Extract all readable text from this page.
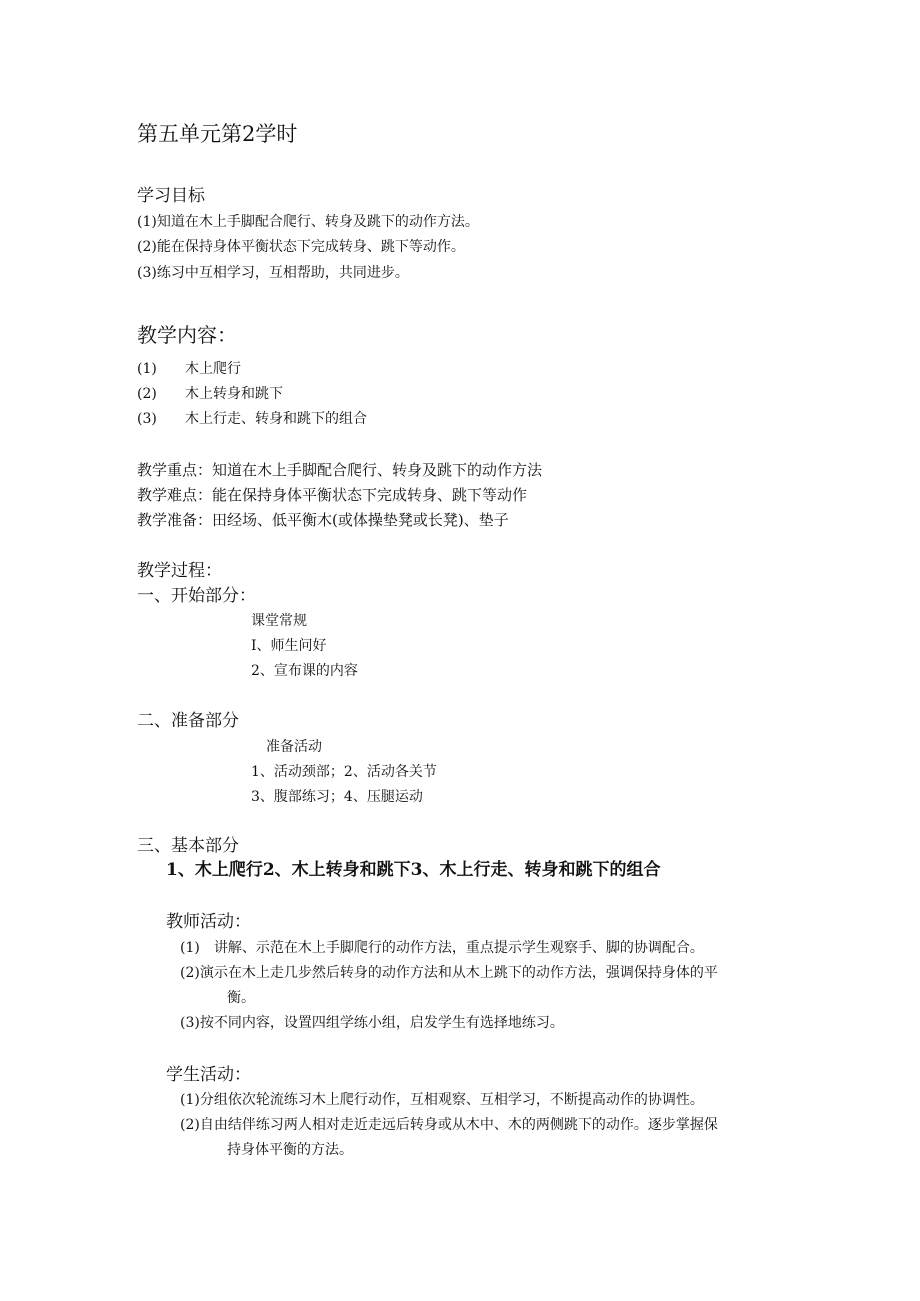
第五单元第2学时
学习目标
(1)知道在木上手脚配合爬行、转身及跳下的动作方法。
(2)能在保持身体平衡状态下完成转身、跳下等动作。
(3)练习中互相学习，互相帮助，共同进步。
教学内容：
(1) 木上爬行
(2) 木上转身和跳下
(3) 木上行走、转身和跳下的组合
教学重点：知道在木上手脚配合爬行、转身及跳下的动作方法
教学难点：能在保持身体平衡状态下完成转身、跳下等动作
教学准备：田经场、低平衡木(或体操垫凳或长凳)、垫子
教学过程：
一、开始部分：
课堂常规
I、师生问好
2、宣布课的内容
二、准备部分
准备活动
1、活动颈部；2、活动各关节
3、腹部练习；4、压腿运动
三、基本部分
1、木上爬行2、木上转身和跳下3、木上行走、转身和跳下的组合
教师活动：
(1)　讲解、示范在木上手脚爬行的动作方法，重点提示学生观察手、脚的协调配合。
(2)演示在木上走几步然后转身的动作方法和从木上跳下的动作方法，强调保持身体的平
衡。
(3)按不同内容，设置四组学练小组，启发学生有选择地练习。
学生活动：
(1)分组依次轮流练习木上爬行动作，互相观察、互相学习，不断提高动作的协调性。
(2)自由结伴练习两人相对走近走远后转身或从木中、木的两侧跳下的动作。逐步掌握保
持身体平衡的方法。
